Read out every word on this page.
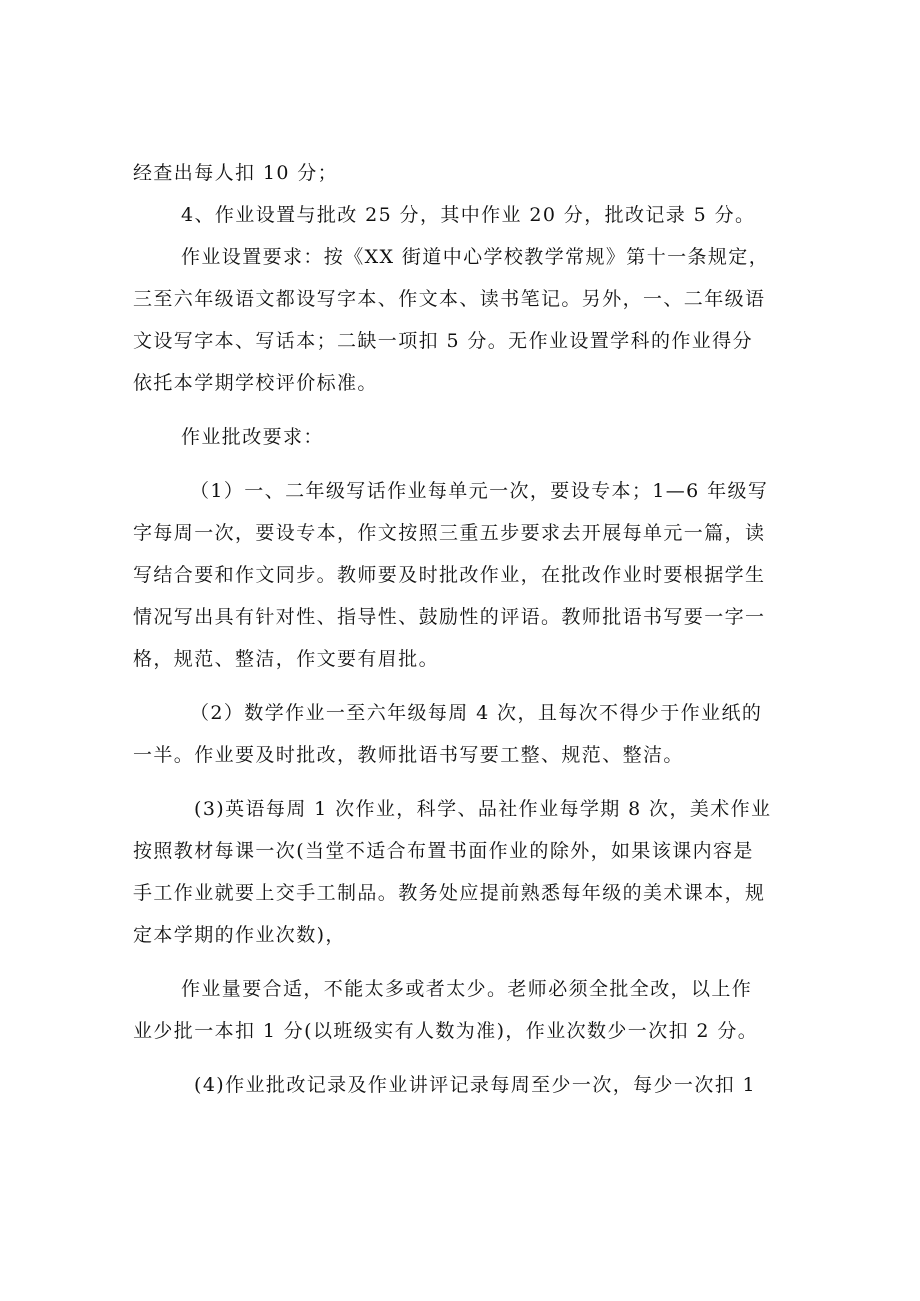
经查出每人扣 10 分；
4、作业设置与批改 25 分，其中作业 20 分，批改记录 5 分。
作业设置要求：按《XX 街道中心学校教学常规》第十一条规定，
三至六年级语文都设写字本、作文本、读书笔记。另外，一、二年级语
文设写字本、写话本；二缺一项扣 5 分。无作业设置学科的作业得分
依托本学期学校评价标准。
作业批改要求：
（1）一、二年级写话作业每单元一次，要设专本；1—6 年级写
字每周一次，要设专本，作文按照三重五步要求去开展每单元一篇，读
写结合要和作文同步。教师要及时批改作业，在批改作业时要根据学生
情况写出具有针对性、指导性、鼓励性的评语。教师批语书写要一字一
格，规范、整洁，作文要有眉批。
（2）数学作业一至六年级每周 4 次，且每次不得少于作业纸的
一半。作业要及时批改，教师批语书写要工整、规范、整洁。
(3)英语每周 1 次作业，科学、品社作业每学期 8 次，美术作业
按照教材每课一次(当堂不适合布置书面作业的除外，如果该课内容是
手工作业就要上交手工制品。教务处应提前熟悉每年级的美术课本，规
定本学期的作业次数)，
作业量要合适，不能太多或者太少。老师必须全批全改，以上作
业少批一本扣 1 分(以班级实有人数为准)，作业次数少一次扣 2 分。
(4)作业批改记录及作业讲评记录每周至少一次，每少一次扣 1
